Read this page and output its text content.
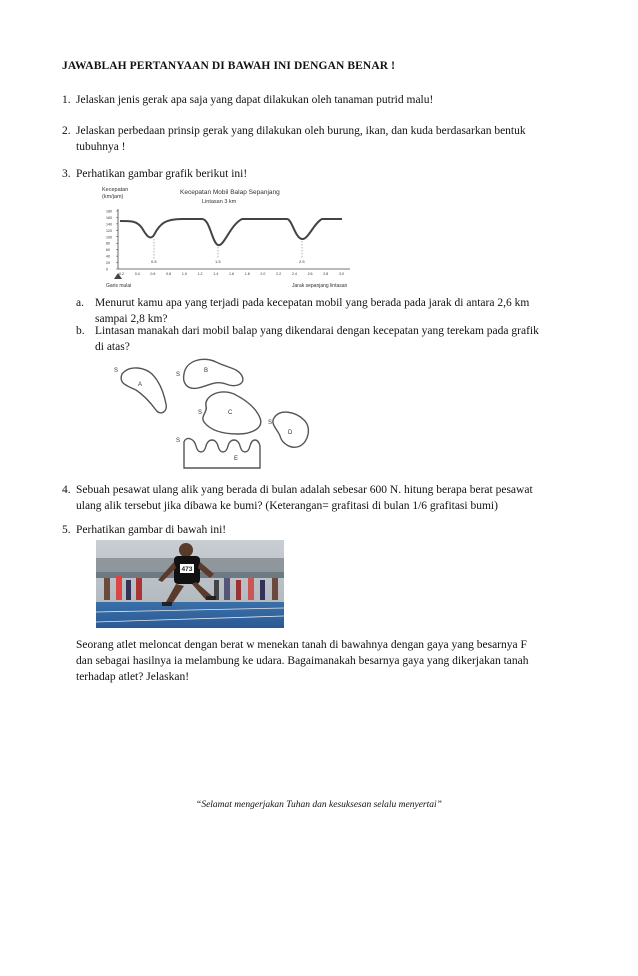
JAWABLAH PERTANYAAN DI BAWAH INI DENGAN BENAR !
1. Jelaskan jenis gerak apa saja yang dapat dilakukan oleh tanaman putrid malu!
2. Jelaskan perbedaan prinsip gerak yang dilakukan oleh burung, ikan, dan kuda berdasarkan bentuk
tubuhnya !
3. Perhatikan gambar grafik berikut ini!
Kecepatan
(km/jam)
Kecepatan Mobil Balap Sepanjang
Lintasan 3 km
180
160
140
120
100
80
60
40
20
0
0.2	0.4	0.6	0.8	1.0	1.2	1.4	1.6	1.8	2.0	2.2	2.4	2.6	2.8	3.0
0.5	1.5	2.5
Garis mulai	Jarak sepanjang lintasan
a. Menurut kamu apa yang terjadi pada kecepatan mobil yang berada pada jarak di antara 2,6 km
sampai 2,8 km?
b. Lintasan manakah dari mobil balap yang dikendarai dengan kecepatan yang terekam pada grafik
di atas?
A
B
C
D
E
S
S
S
S
S
4. Sebuah pesawat ulang alik yang berada di bulan adalah sebesar 600 N. hitung berapa berat pesawat
ulang alik tersebut jika dibawa ke bumi? (Keterangan= grafitasi di bulan 1/6 grafitasi bumi)
5. Perhatikan gambar di bawah ini!
473
Seorang atlet meloncat dengan berat w menekan tanah di bawahnya dengan gaya yang besarnya F
dan sebagai hasilnya ia melambung ke udara. Bagaimanakah besarnya gaya yang dikerjakan tanah
terhadap atlet? Jelaskan!
“Selamat mengerjakan Tuhan dan kesuksesan selalu menyertai”
